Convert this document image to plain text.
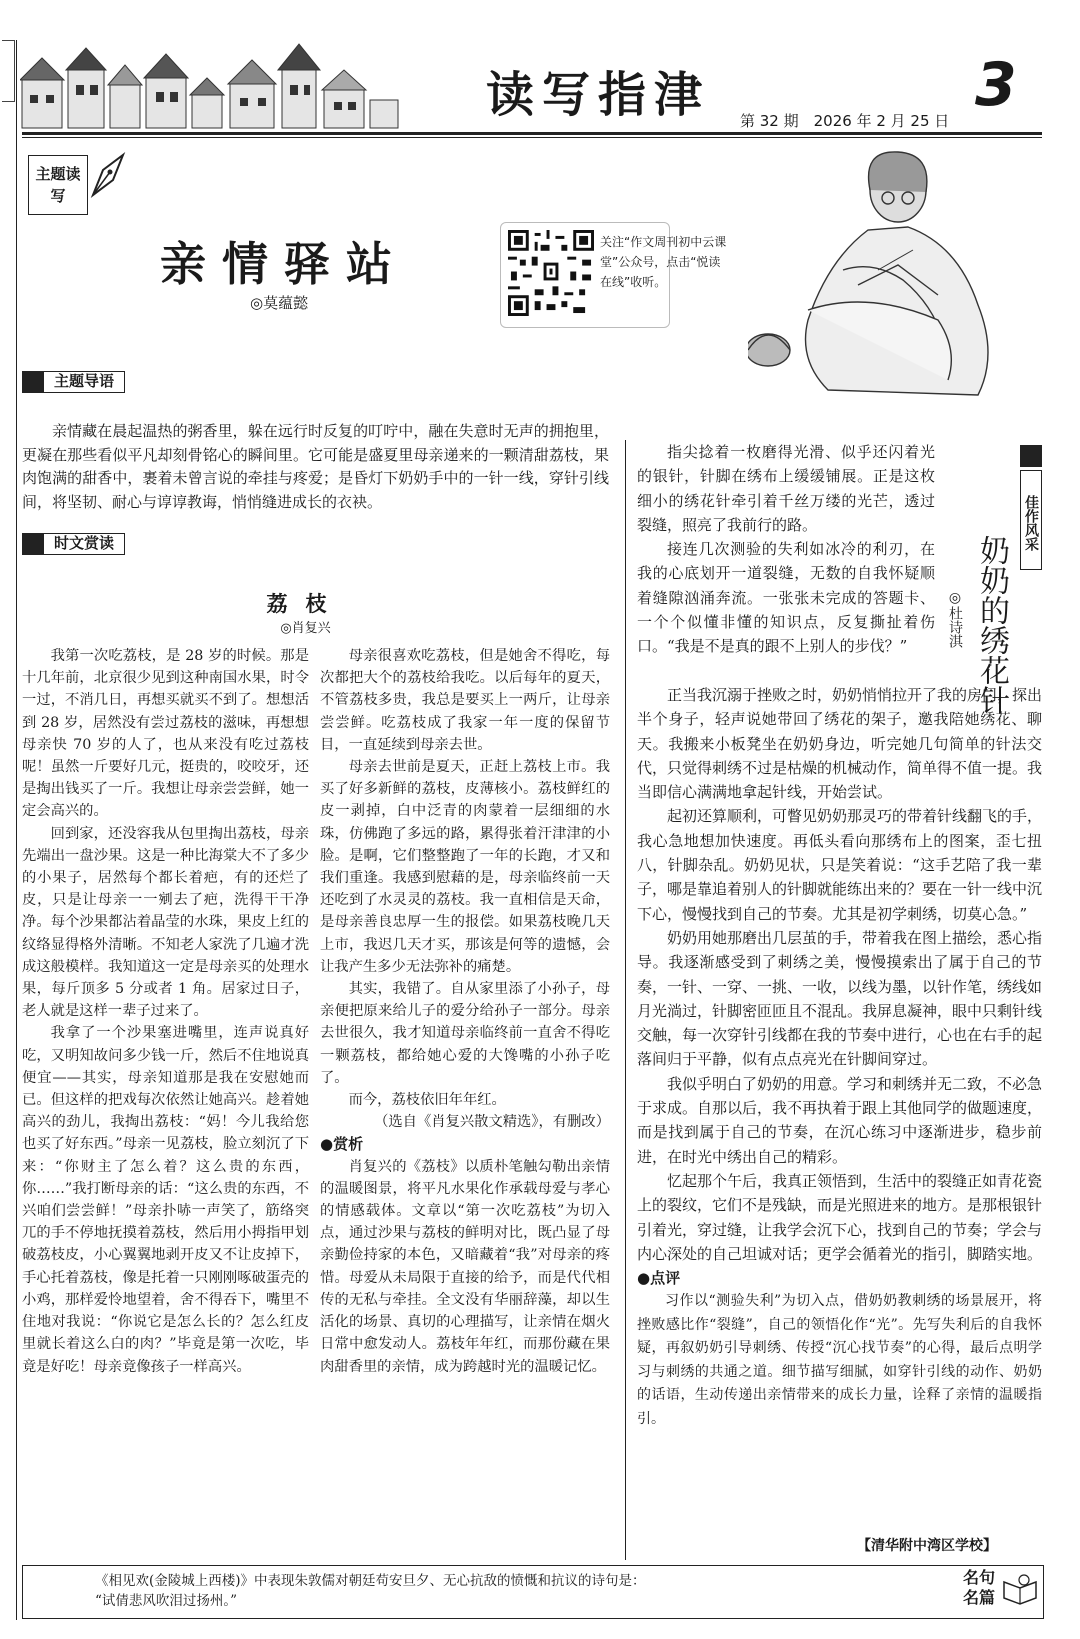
读写指津 第 32 期　2026 年 2 月 25 日
3
主题读写
亲情驿站
◎莫蕴懿
关注“作文周刊初中云课堂”公众号，点击“悦读在线”收听。
主题导语

亲情藏在晨起温热的粥香里，躲在远行时反复的叮咛中，融在失意时无声的拥抱里，更凝在那些看似平凡却刻骨铭心的瞬间里。它可能是盛夏里母亲递来的一颗清甜荔枝，果肉饱满的甜香中，裹着未曾言说的牵挂与疼爱；是昏灯下奶奶手中的一针一线，穿针引线间，将坚韧、耐心与谆谆教诲，悄悄缝进成长的衣袂。

时文赏读
荔枝
◎肖复兴

我第一次吃荔枝，是 28 岁的时候。那是十几年前，北京很少见到这种南国水果，时令一过，不消几日，再想买就买不到了。想想活到 28 岁，居然没有尝过荔枝的滋味，再想想母亲快 70 岁的人了，也从来没有吃过荔枝呢！虽然一斤要好几元，挺贵的，咬咬牙，还是掏出钱买了一斤。我想让母亲尝尝鲜，她一定会高兴的。

回到家，还没容我从包里掏出荔枝，母亲先端出一盘沙果。这是一种比海棠大不了多少的小果子，居然每个都长着疤，有的还烂了皮，只是让母亲一一剜去了疤，洗得干干净净。每个沙果都沾着晶莹的水珠，果皮上红的纹络显得格外清晰。不知老人家洗了几遍才洗成这般模样。我知道这一定是母亲买的处理水果，每斤顶多 5 分或者 1 角。居家过日子，老人就是这样一辈子过来了。

我拿了一个沙果塞进嘴里，连声说真好吃，又明知故问多少钱一斤，然后不住地说真便宜——其实，母亲知道那是我在安慰她而已。但这样的把戏每次依然让她高兴。趁着她高兴的劲儿，我掏出荔枝：“妈！今儿我给您也买了好东西。”母亲一见荔枝，脸立刻沉了下来：“你财主了怎么着？这么贵的东西，你……”我打断母亲的话：“这么贵的东西，不兴咱们尝尝鲜！”母亲扑哧一声笑了，筋络突兀的手不停地抚摸着荔枝，然后用小拇指甲划破荔枝皮，小心翼翼地剥开皮又不让皮掉下，手心托着荔枝，像是托着一只刚刚啄破蛋壳的小鸡，那样爱怜地望着，舍不得吞下，嘴里不住地对我说：“你说它是怎么长的？怎么红皮里就长着这么白的肉？”毕竟是第一次吃，毕竟是好吃！母亲竟像孩子一样高兴。

母亲很喜欢吃荔枝，但是她舍不得吃，每次都把大个的荔枝给我吃。以后每年的夏天，不管荔枝多贵，我总是要买上一两斤，让母亲尝尝鲜。吃荔枝成了我家一年一度的保留节目，一直延续到母亲去世。

母亲去世前是夏天，正赶上荔枝上市。我买了好多新鲜的荔枝，皮薄核小。荔枝鲜红的皮一剥掉，白中泛青的肉蒙着一层细细的水珠，仿佛跑了多远的路，累得张着汗津津的小脸。是啊，它们整整跑了一年的长跑，才又和我们重逢。我感到慰藉的是，母亲临终前一天还吃到了水灵灵的荔枝。我一直相信是天命，是母亲善良忠厚一生的报偿。如果荔枝晚几天上市，我迟几天才买，那该是何等的遗憾，会让我产生多少无法弥补的痛楚。

其实，我错了。自从家里添了小孙子，母亲便把原来给儿子的爱分给孙子一部分。母亲去世很久，我才知道母亲临终前一直舍不得吃一颗荔枝，都给她心爱的大馋嘴的小孙子吃了。

而今，荔枝依旧年年红。

（选自《肖复兴散文精选》，有删改）

●赏析

肖复兴的《荔枝》以质朴笔触勾勒出亲情的温暖图景，将平凡水果化作承载母爱与孝心的情感载体。文章以“第一次吃荔枝”为切入点，通过沙果与荔枝的鲜明对比，既凸显了母亲勤俭持家的本色，又暗藏着“我”对母亲的疼惜。母爱从未局限于直接的给予，而是代代相传的无私与牵挂。全文没有华丽辞藻，却以生活化的场景、真切的心理描写，让亲情在烟火日常中愈发动人。荔枝年年红，而那份藏在果肉甜香里的亲情，成为跨越时光的温暖记忆。

佳作风采
奶奶的绣花针
◎杜诗淇

指尖捻着一枚磨得光滑、似乎还闪着光的银针，针脚在绣布上缓缓铺展。正是这枚细小的绣花针牵引着千丝万缕的光芒，透过裂缝，照亮了我前行的路。

接连几次测验的失利如冰冷的利刃，在我的心底划开一道裂缝，无数的自我怀疑顺着缝隙汹涌奔流。一张张未完成的答题卡、一个个似懂非懂的知识点，反复撕扯着伤口。“我是不是真的跟不上别人的步伐？”

正当我沉溺于挫败之时，奶奶悄悄拉开了我的房门，探出半个身子，轻声说她带回了绣花的架子，邀我陪她绣花、聊天。我搬来小板凳坐在奶奶身边，听完她几句简单的针法交代，只觉得刺绣不过是枯燥的机械动作，简单得不值一提。我当即信心满满地拿起针线，开始尝试。

起初还算顺利，可瞥见奶奶那灵巧的带着针线翻飞的手，我心急地想加快速度。再低头看向那绣布上的图案，歪七扭八，针脚杂乱。奶奶见状，只是笑着说：“这手艺陪了我一辈子，哪是靠追着别人的针脚就能练出来的？要在一针一线中沉下心，慢慢找到自己的节奏。尤其是初学刺绣，切莫心急。”

奶奶用她那磨出几层茧的手，带着我在图上描绘，悉心指导。我逐渐感受到了刺绣之美，慢慢摸索出了属于自己的节奏，一针、一穿、一挑、一收，以线为墨，以针作笔，绣线如月光淌过，针脚密匝匝且不混乱。我屏息凝神，眼中只剩针线交触，每一次穿针引线都在我的节奏中进行，心也在右手的起落间归于平静，似有点点亮光在针脚间穿过。

我似乎明白了奶奶的用意。学习和刺绣并无二致，不必急于求成。自那以后，我不再执着于跟上其他同学的做题速度，而是找到属于自己的节奏，在沉心练习中逐渐进步，稳步前进，在时光中绣出自己的精彩。

忆起那个午后，我真正领悟到，生活中的裂缝正如青花瓷上的裂纹，它们不是残缺，而是光照进来的地方。是那根银针引着光，穿过缝，让我学会沉下心，找到自己的节奏；学会与内心深处的自己坦诚对话；更学会循着光的指引，脚踏实地。

●点评

习作以“测验失利”为切入点，借奶奶教刺绣的场景展开，将挫败感比作“裂缝”，自己的领悟化作“光”。先写失利后的自我怀疑，再叙奶奶引导刺绣、传授“沉心找节奏”的心得，最后点明学习与刺绣的共通之道。细节描写细腻，如穿针引线的动作、奶奶的话语，生动传递出亲情带来的成长力量，诠释了亲情的温暖指引。

【清华附中湾区学校】
《相见欢(金陵城上西楼)》中表现朱敦儒对朝廷苟安旦夕、无心抗敌的愤慨和抗议的诗句是：
“试倩悲风吹泪过扬州。”
名句
名篇
